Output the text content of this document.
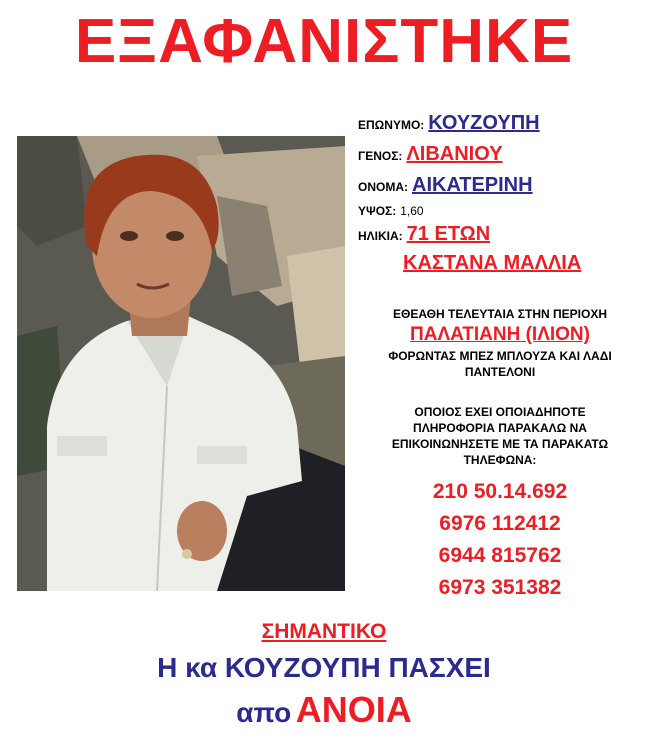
ΕΞΑΦΑΝΙΣΤΗΚΕ
ΕΠΩΝΥΜΟ: ΚΟΥΖΟΥΠΗ
ΓΕΝΟΣ: ΛΙΒΑΝΙΟΥ
ΟΝΟΜΑ: ΑΙΚΑΤΕΡΙΝΗ
ΥΨΟΣ: 1,60
ΗΛΙΚΙΑ: 71 ΕΤΩΝ
ΚΑΣΤΑΝΑ ΜΑΛΛΙΑ
ΕΘΕΑΘΗ ΤΕΛΕΥΤΑΙΑ ΣΤΗΝ ΠΕΡΙΟΧΗ
ΠΑΛΑΤΙΑΝΗ (ΙΛΙΟΝ)
ΦΟΡΩΝΤΑΣ ΜΠΕΖ ΜΠΛΟΥΖΑ ΚΑΙ ΛΑΔΙ
ΠΑΝΤΕΛΟΝΙ
ΟΠΟΙΟΣ ΕΧΕΙ ΟΠΟΙΑΔΗΠΟΤΕ
ΠΛΗΡΟΦΟΡΙΑ ΠΑΡΑΚΑΛΩ ΝΑ
ΕΠΙΚΟΙΝΩΝΗΣΕΤΕ ΜΕ ΤΑ ΠΑΡΑΚΑΤΩ
ΤΗΛΕΦΩΝΑ:
210 50.14.692
6976 112412
6944 815762
6973 351382
ΣΗΜΑΝΤΙΚΟ
Η κα ΚΟΥΖΟΥΠΗ ΠΑΣΧΕΙ
απο ΑΝΟΙΑ
